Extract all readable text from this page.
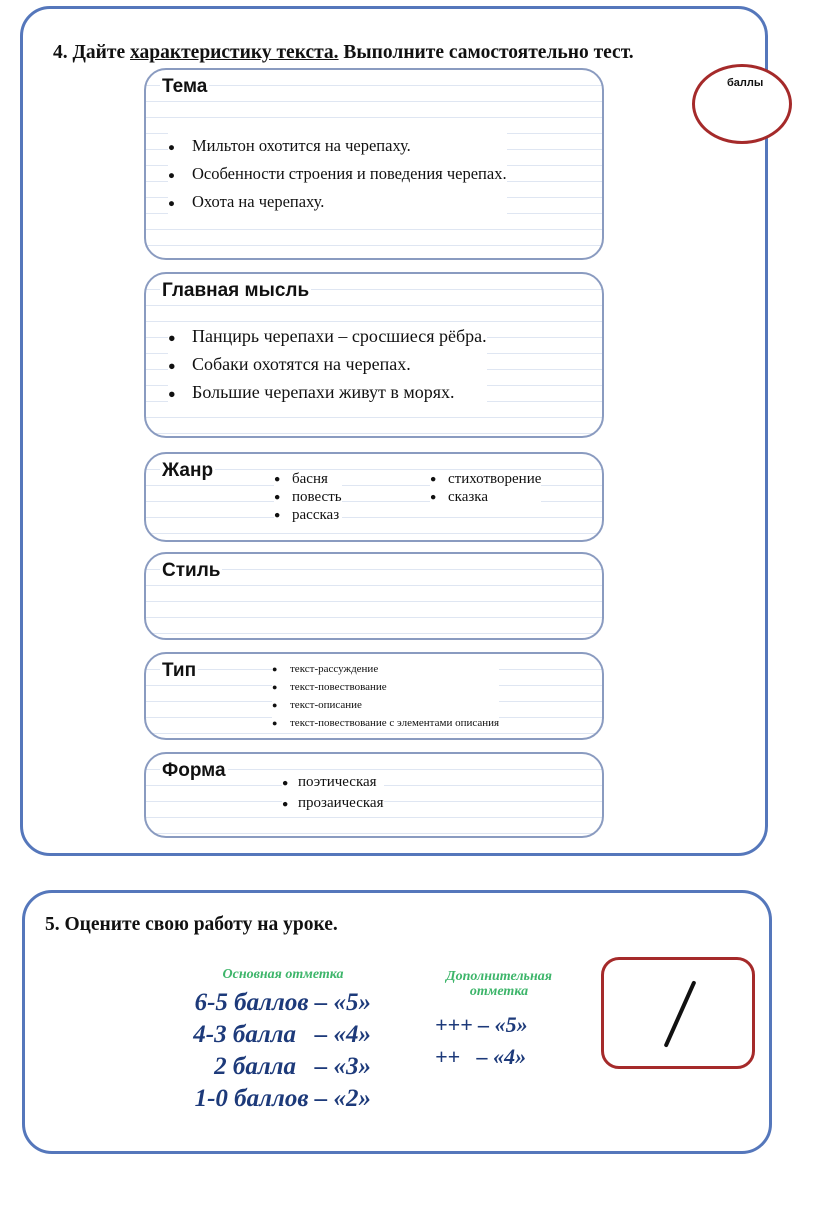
4. Дайте характеристику текста. Выполните самостоятельно тест.
баллы
Тема
● Мильтон охотится на черепаху.
● Особенности строения и поведения черепах.
● Охота на черепаху.
Главная мысль
● Панцирь черепахи – сросшиеся рёбра.
● Собаки охотятся на черепах.
● Большие черепахи живут в морях.
Жанр	● басня
● повесть
● рассказ
● стихотворение
● сказка
Стиль
Тип	● текст-рассуждение
● текст-повествование
● текст-описание
● текст-повествование с элементами описания
Форма
● поэтическая
● прозаическая
5. Оцените свою работу на уроке.
Основная отметка
6-5 баллов – «5»
4-3 балла   – «4»
2 балла   – «3»
1-0 баллов – «2»
Дополнительная
отметка
+++ – «5»
++   – «4»
